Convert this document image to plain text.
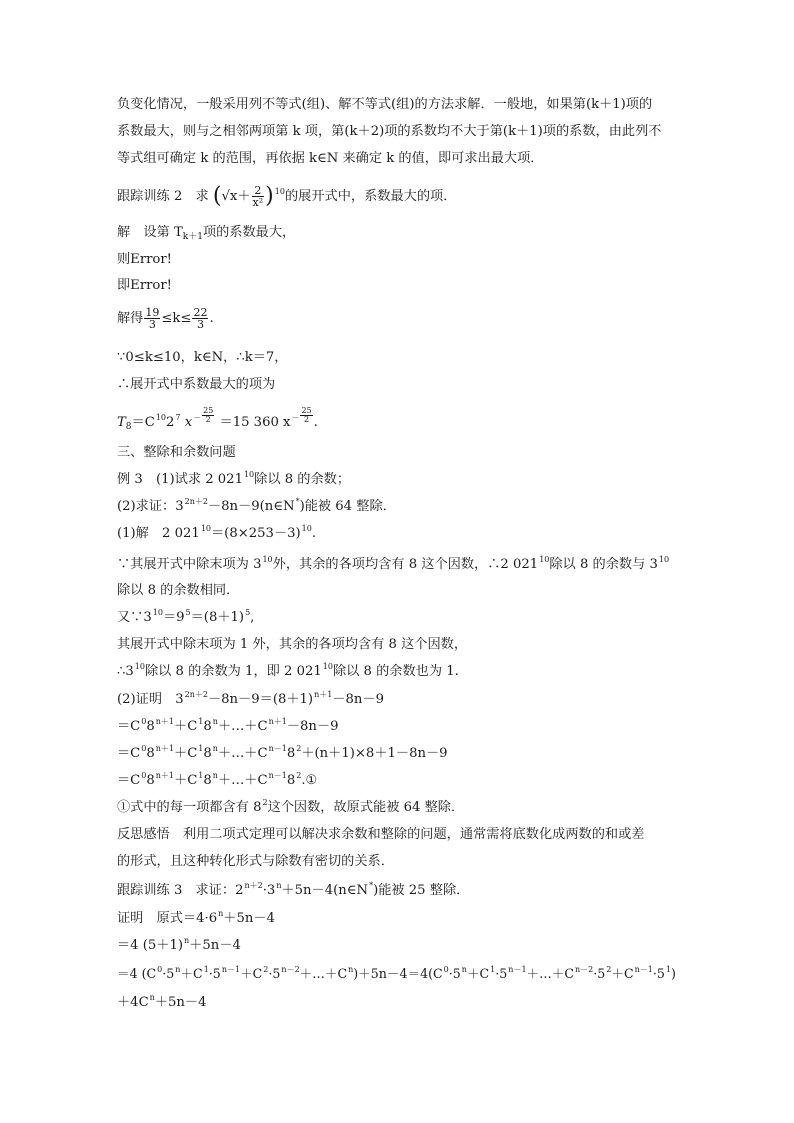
负变化情况，一般采用列不等式(组)、解不等式(组)的方法求解．一般地，如果第(k＋1)项的
系数最大，则与之相邻两项第 k 项，第(k＋2)项的系数均不大于第(k＋1)项的系数，由此列不
等式组可确定 k 的范围，再依据 k∈N 来确定 k 的值，即可求出最大项．
跟踪训练 2　求 $(√x+ \frac{2}{\text{x²}} )^{10}$的展开式中，系数最大的项．
解　设第 $T_{k+1}$项的系数最大，
则Error!
即Error!
解得 $\frac{19}{3} \le k\le \frac{22}{3}$ .
∵0≤k≤10，k∈N，∴k＝7，
∴展开式中系数最大的项为
$T_8=C^{10}2^7$ $x^- \frac{25}{2} =15$ 360 $x^- \frac{25}{2}$ .
三、整除和余数问题
例 3　(1)试求 2 $021^{10}$除以 8 的余数；
(2)求证：$3^{2n+2}-8n-9(n\in N^*)$能被 64 整除．
(1)解　2 $021^{10}=(8\times 253-3)^{10}$.
∵其展开式中除末项为 $3^{10}$外，其余的各项均含有 8 这个因数，∴2 $021^{10}$除以 8 的余数与 $3^{10}$
除以 8 的余数相同．
又$\because 3^{10}=9^5=(8+1)^5$,
其展开式中除末项为 1 外，其余的各项均含有 8 这个因数，
$\therefore 3^{10}$除以 8 的余数为 1，即 2 $021^{10}$除以 8 的余数也为 1.
(2)证明　$3^{2n+2}-8n-9=(8+1)^{n+1}-8n-9$
$=C^08^{n+1}+C^18^n+\dots+C^{n+1}-8n-9$
$=C^08^{n+1}+C^18^n+\dots+C^{n-1}8^2+(n+1)\times 8+1-8n-9$
$=C^08^{n+1}+C^18^n+\dots+C^{n-1}8^2.①$
①式中的每一项都含有 $8^2$这个因数，故原式能被 64 整除．
反思感悟　利用二项式定理可以解决求余数和整除的问题，通常需将底数化成两数的和或差
的形式，且这种转化形式与除数有密切的关系．
跟踪训练 3　求证：$2^{n+2}\cdot 3^n+5n-4(n\in N^*)$能被 25 整除．
证明　原式$=4\cdot 6^n+5n-4$
＝4 $(5+1)^n+5n-4$
＝4 $(C^0\cdot 5^n+C^1\cdot 5^{n-1}+C^2\cdot 5^{n-2}+\dots+C^n)+5n-4=4(C^0\cdot 5^n+C^1\cdot 5^{n-1}+\dots+C^{n-2}\cdot 5^2+C^{n-1}\cdot 5^1)$
$+4C^n+5n-4$
